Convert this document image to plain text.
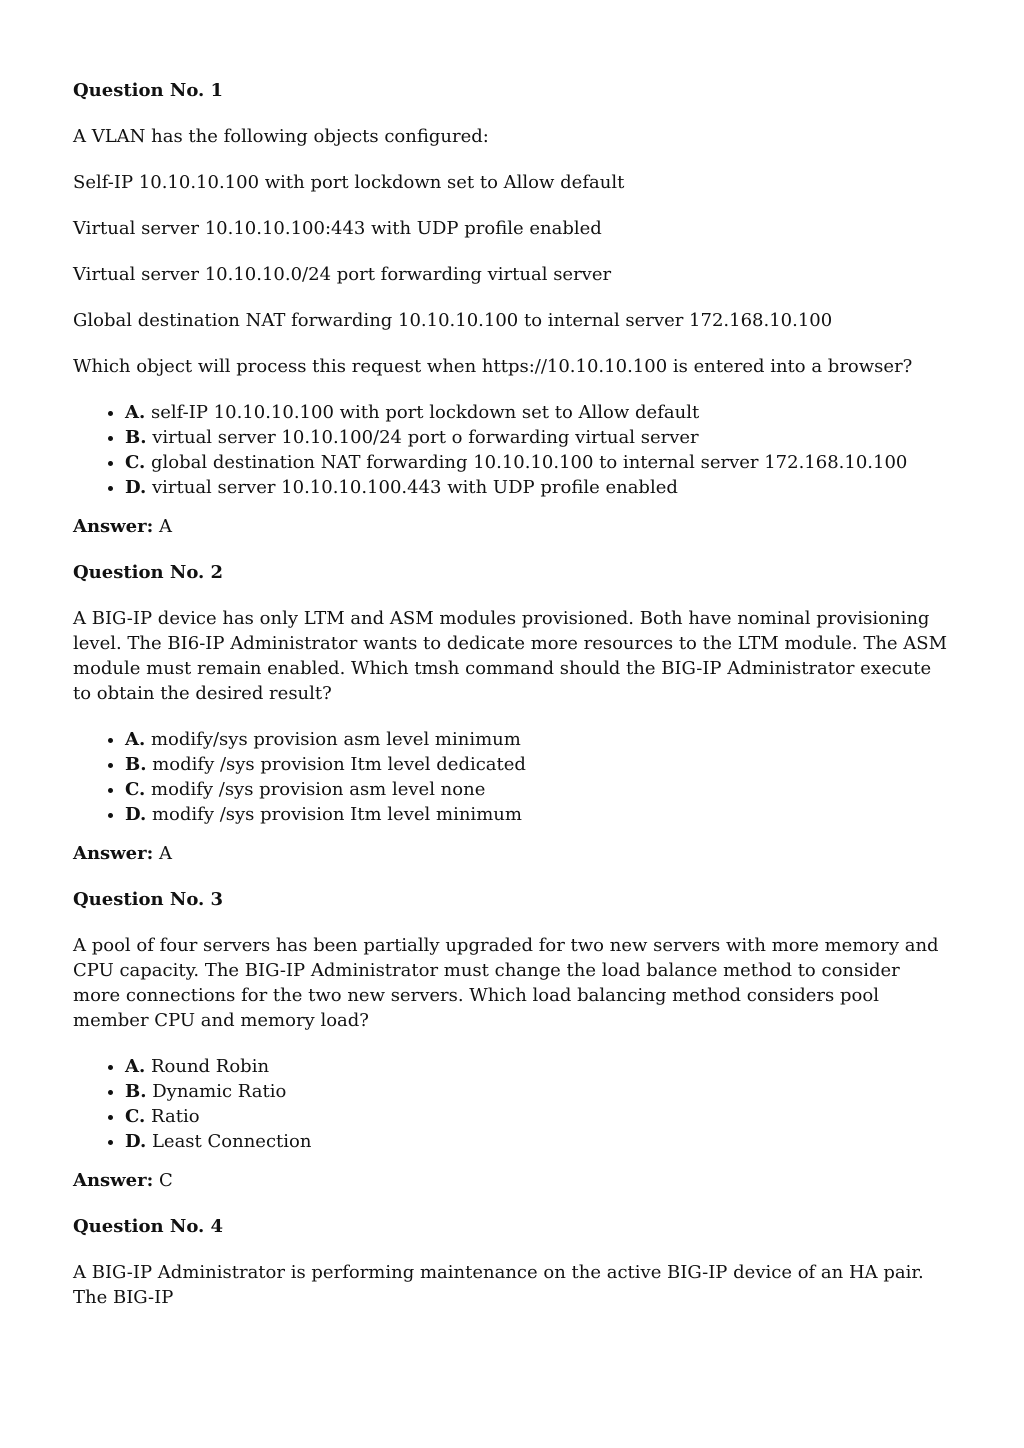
Question No. 1

A VLAN has the following objects configured:

Self-IP 10.10.10.100 with port lockdown set to Allow default

Virtual server 10.10.10.100:443 with UDP profile enabled

Virtual server 10.10.10.0/24 port forwarding virtual server

Global destination NAT forwarding 10.10.10.100 to internal server 172.168.10.100

Which object will process this request when https://10.10.10.100 is entered into a browser?

• A. self-IP 10.10.10.100 with port lockdown set to Allow default
• B. virtual server 10.10.100/24 port o forwarding virtual server
• C. global destination NAT forwarding 10.10.10.100 to internal server 172.168.10.100
• D. virtual server 10.10.10.100.443 with UDP profile enabled

Answer: A

Question No. 2

A BIG-IP device has only LTM and ASM modules provisioned. Both have nominal provisioning level. The BI6-IP Administrator wants to dedicate more resources to the LTM module. The ASM module must remain enabled. Which tmsh command should the BIG-IP Administrator execute to obtain the desired result?

• A. modify/sys provision asm level minimum
• B. modify /sys provision Itm level dedicated
• C. modify /sys provision asm level none
• D. modify /sys provision Itm level minimum

Answer: A

Question No. 3

A pool of four servers has been partially upgraded for two new servers with more memory and CPU capacity. The BIG-IP Administrator must change the load balance method to consider more connections for the two new servers. Which load balancing method considers pool member CPU and memory load?

• A. Round Robin
• B. Dynamic Ratio
• C. Ratio
• D. Least Connection

Answer: C

Question No. 4

A BIG-IP Administrator is performing maintenance on the active BIG-IP device of an HA pair. The BIG-IP
